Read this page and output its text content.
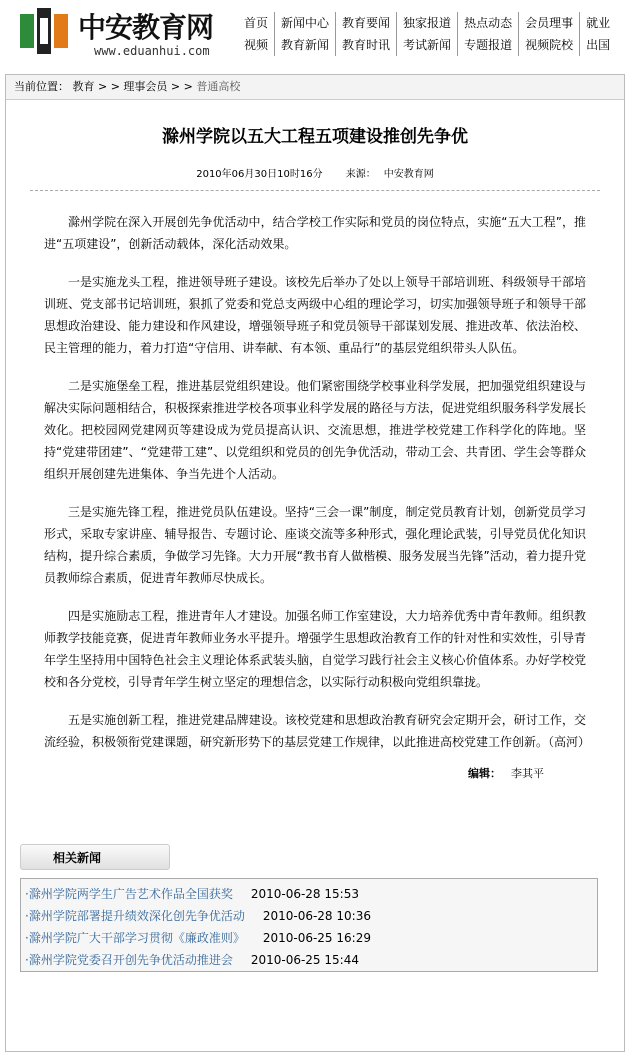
中安教育网
www.eduanhui.com
首页	新闻中心	教育要闻	独家报道	热点动态	会员理事	就业
视频	教育新闻	教育时讯	考试新闻	专题报道	视频院校	出国
当前位置： 教育 > > 理事会员 > > 普通高校
滁州学院以五大工程五项建设推创先争优
2010年06月30日10时16分 来源： 中安教育网

滁州学院在深入开展创先争优活动中，结合学校工作实际和党员的岗位特点，实施“五大工程”，推进“五项建设”，创新活动载体，深化活动效果。

一是实施龙头工程，推进领导班子建设。该校先后举办了处以上领导干部培训班、科级领导干部培训班、党支部书记培训班，狠抓了党委和党总支两级中心组的理论学习，切实加强领导班子和领导干部思想政治建设、能力建设和作风建设，增强领导班子和党员领导干部谋划发展、推进改革、依法治校、民主管理的能力，着力打造“守信用、讲奉献、有本领、重品行”的基层党组织带头人队伍。

二是实施堡垒工程，推进基层党组织建设。他们紧密围绕学校事业科学发展，把加强党组织建设与解决实际问题相结合，积极探索推进学校各项事业科学发展的路径与方法，促进党组织服务科学发展长效化。把校园网党建网页等建设成为党员提高认识、交流思想，推进学校党建工作科学化的阵地。坚持“党建带团建”、“党建带工建”、以党组织和党员的创先争优活动，带动工会、共青团、学生会等群众组织开展创建先进集体、争当先进个人活动。

三是实施先锋工程，推进党员队伍建设。坚持“三会一课”制度，制定党员教育计划，创新党员学习形式，采取专家讲座、辅导报告、专题讨论、座谈交流等多种形式，强化理论武装，引导党员优化知识结构，提升综合素质，争做学习先锋。大力开展“教书育人做楷模、服务发展当先锋”活动，着力提升党员教师综合素质，促进青年教师尽快成长。

四是实施励志工程，推进青年人才建设。加强名师工作室建设，大力培养优秀中青年教师。组织教师教学技能竞赛，促进青年教师业务水平提升。增强学生思想政治教育工作的针对性和实效性，引导青年学生坚持用中国特色社会主义理论体系武装头脑，自觉学习践行社会主义核心价值体系。办好学校党校和各分党校，引导青年学生树立坚定的理想信念，以实际行动积极向党组织靠拢。

五是实施创新工程，推进党建品牌建设。该校党建和思想政治教育研究会定期开会，研讨工作，交流经验，积极领衔党建课题，研究新形势下的基层党建工作规律，以此推进高校党建工作创新。（高河）

编辑： 李其平
相关新闻
·滁州学院两学生广告艺术作品全国获奖 2010-06-28 15:53
·滁州学院部署提升绩效深化创先争优活动 2010-06-28 10:36
·滁州学院广大干部学习贯彻《廉政准则》 2010-06-25 16:29
·滁州学院党委召开创先争优活动推进会 2010-06-25 15:44
